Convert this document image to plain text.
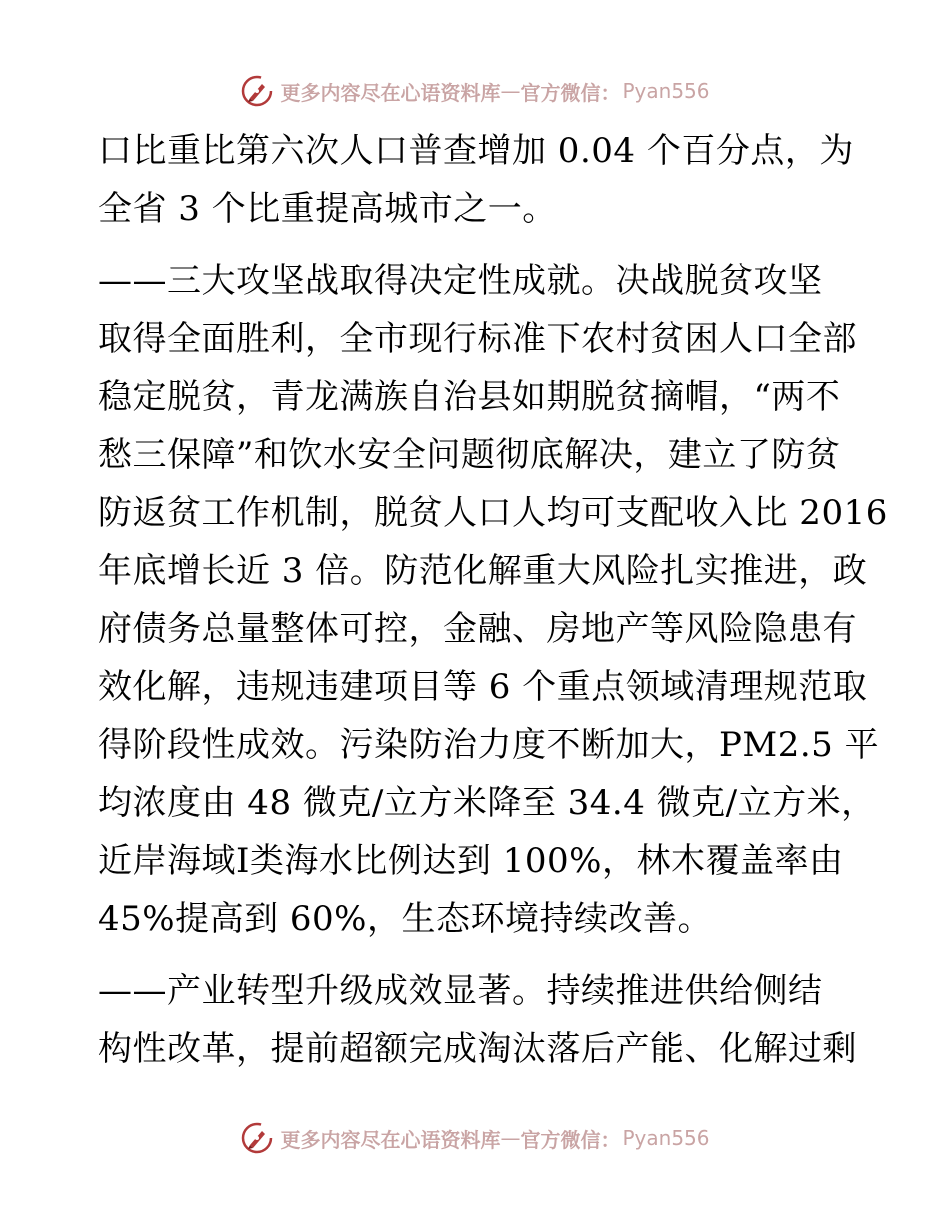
更多内容尽在心语资料库 — 官方微信： Pyan556
口比重比第六次人口普查增加 0.04 个百分点，为
全省 3 个比重提高城市之一。
——三大攻坚战取得决定性成就。决战脱贫攻坚
取得全面胜利，全市现行标准下农村贫困人口全部
稳定脱贫，青龙满族自治县如期脱贫摘帽，“两不
愁三保障”和饮水安全问题彻底解决，建立了防贫
防返贫工作机制，脱贫人口人均可支配收入比 2016
年底增长近 3 倍。防范化解重大风险扎实推进，政
府债务总量整体可控，金融、房地产等风险隐患有
效化解，违规违建项目等 6 个重点领域清理规范取
得阶段性成效。污染防治力度不断加大，PM2.5 平
均浓度由 48 微克/立方米降至 34.4 微克/立方米，
近岸海域Ⅰ类海水比例达到 100%，林木覆盖率由
45%提高到 60%，生态环境持续改善。
——产业转型升级成效显著。持续推进供给侧结
构性改革，提前超额完成淘汰落后产能、化解过剩
更多内容尽在心语资料库 — 官方微信： Pyan556
